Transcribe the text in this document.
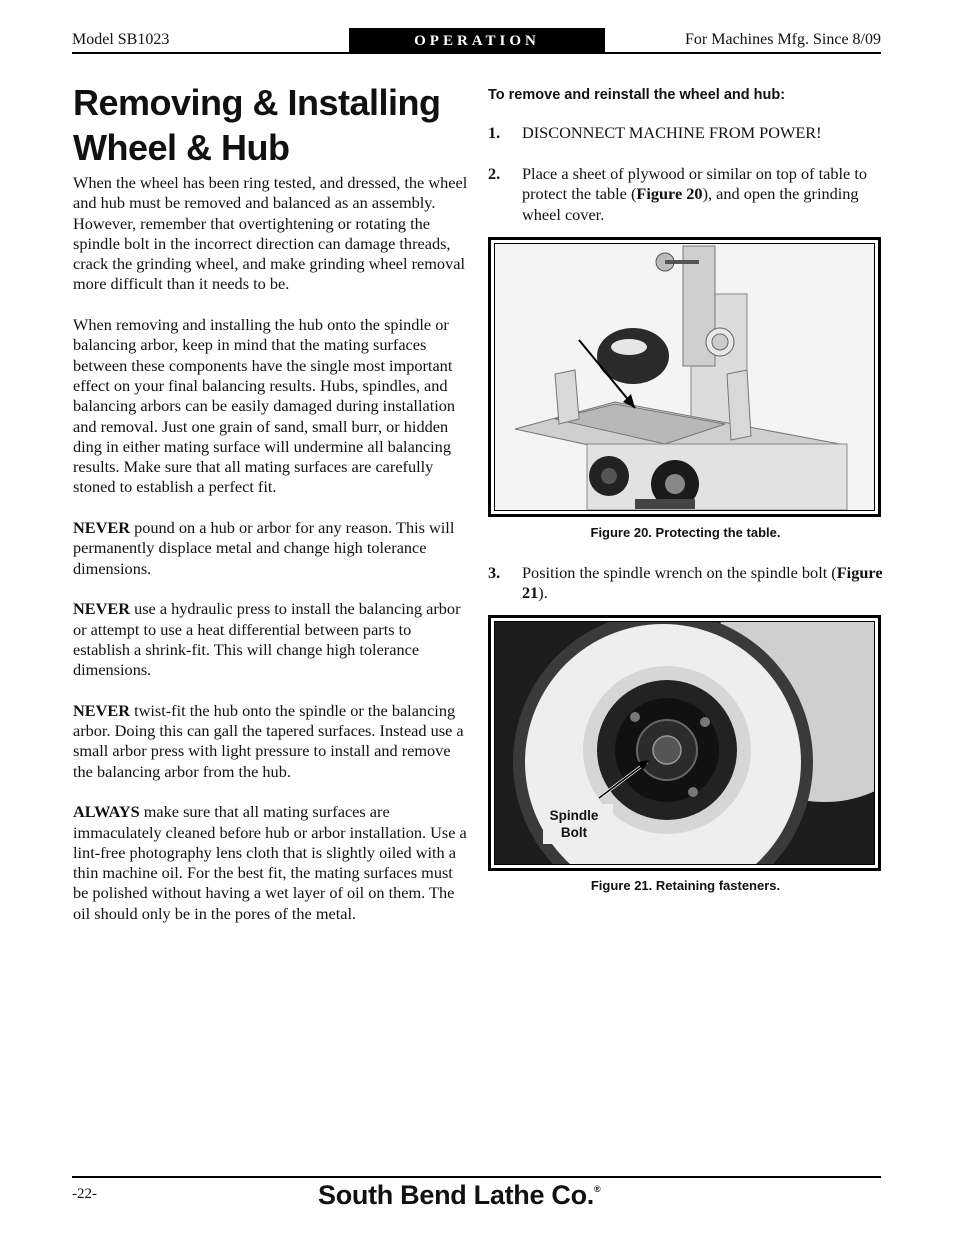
Model SB1023	OPERATION	For Machines Mfg. Since 8/09
Removing & Installing
Wheel & Hub

When the wheel has been ring tested, and dressed, the wheel and hub must be removed and balanced as an assembly. However, remember that overtightening or rotating the spindle bolt in the incorrect direction can damage threads, crack the grinding wheel, and make grinding wheel removal more difficult than it needs to be.

When removing and installing the hub onto the spindle or balancing arbor, keep in mind that the mating surfaces between these components have the single most important effect on your final balancing results. Hubs, spindles, and balancing arbors can be easily damaged during installation and removal. Just one grain of sand, small burr, or hidden ding in either mating surface will undermine all balancing results. Make sure that all mating surfaces are carefully stoned to establish a perfect fit.

NEVER pound on a hub or arbor for any reason. This will permanently displace metal and change high tolerance dimensions.

NEVER use a hydraulic press to install the balancing arbor or attempt to use a heat differential between parts to establish a shrink-fit. This will change high tolerance dimensions.

NEVER twist-fit the hub onto the spindle or the balancing arbor. Doing this can gall the tapered surfaces. Instead use a small arbor press with light pressure to install and remove the balancing arbor from the hub.

ALWAYS make sure that all mating surfaces are immaculately cleaned before hub or arbor installation. Use a lint-free photography lens cloth that is slightly oiled with a thin machine oil. For the best fit, the mating surfaces must be polished without having a wet layer of oil on them. The oil should only be in the pores of the metal.

To remove and reinstall the wheel and hub:
1. DISCONNECT MACHINE FROM POWER!
2. Place a sheet of plywood or similar on top of table to protect the table (Figure 20), and open the grinding wheel cover.
Figure 20. Protecting the table.
3. Position the spindle wrench on the spindle bolt (Figure 21).
Spindle
Bolt
Figure 21. Retaining fasteners.
-22-	South Bend Lathe Co.®
